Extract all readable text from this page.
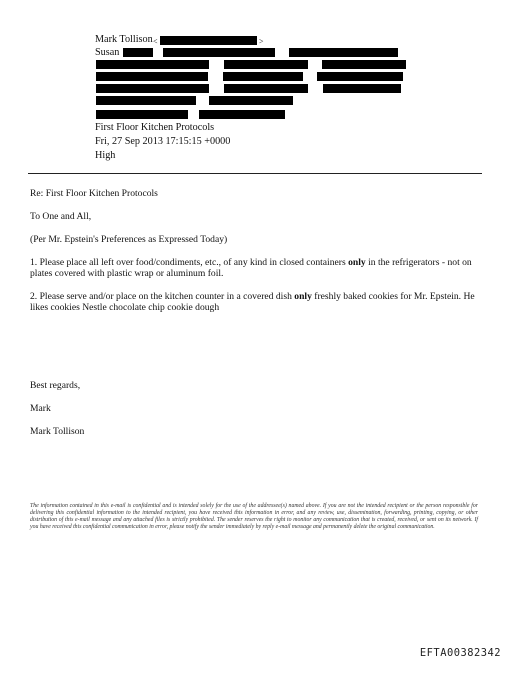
Mark Tollison <	>
Susan
First Floor Kitchen Protocols
Fri, 27 Sep 2013 17:15:15 +0000
High
Re: First Floor Kitchen Protocols
To One and All,
(Per Mr. Epstein's Preferences as Expressed Today)
1. Please place all left over food/condiments, etc., of any kind in closed containers only in the refrigerators - not on plates covered with plastic wrap or aluminum foil.
2. Please serve and/or place on the kitchen counter in a covered dish only freshly baked cookies for Mr. Epstein. He likes cookies Nestle chocolate chip cookie dough
Best regards,
Mark
Mark Tollison
The information contained in this e-mail is confidential and is intended solely for the use of the addressee(s) named above. If you are not the intended recipient or the person responsible for delivering this confidential information to the intended recipient, you have received this information in error, and any review, use, dissemination, forwarding, printing, copying, or other distribution of this e-mail message and any attached files is strictly prohibited. The sender reserves the right to monitor any communication that is created, received, or sent on its network. If you have received this confidential communication in error, please notify the sender immediately by reply e-mail message and permanently delete the original communication.
EFTA00382342
